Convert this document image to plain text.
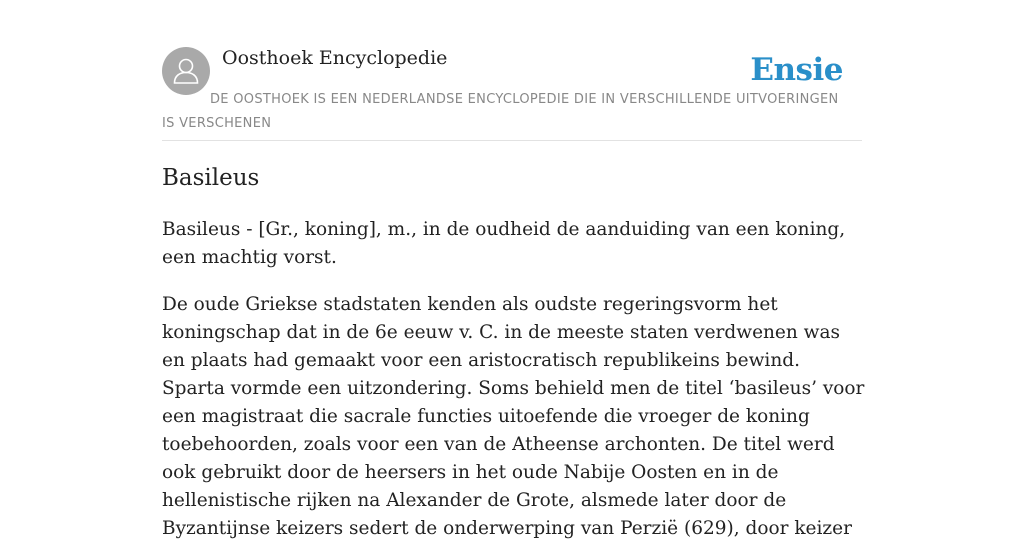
Oosthoek Encyclopedie	Ensie
DE OOSTHOEK IS EEN NEDERLANDSE ENCYCLOPEDIE DIE IN VERSCHILLENDE UITVOERINGEN IS VERSCHENEN
Basileus

Basileus - [Gr., koning], m., in de oudheid de aanduiding van een koning, een machtig vorst.

De oude Griekse stadstaten kenden als oudste regeringsvorm het koningschap dat in de 6e eeuw v. C. in de meeste staten verdwenen was en plaats had gemaakt voor een aristocratisch republikeins bewind. Sparta vormde een uitzondering. Soms behield men de titel ‘basileus’ voor een magistraat die sacrale functies uitoefende die vroeger de koning toebehoorden, zoals voor een van de Atheense archonten. De titel werd ook gebruikt door de heersers in het oude Nabije Oosten en in de hellenistische rijken na Alexander de Grote, alsmede later door de Byzantijnse keizers sedert de onderwerping van Perzië (629), door keizer
